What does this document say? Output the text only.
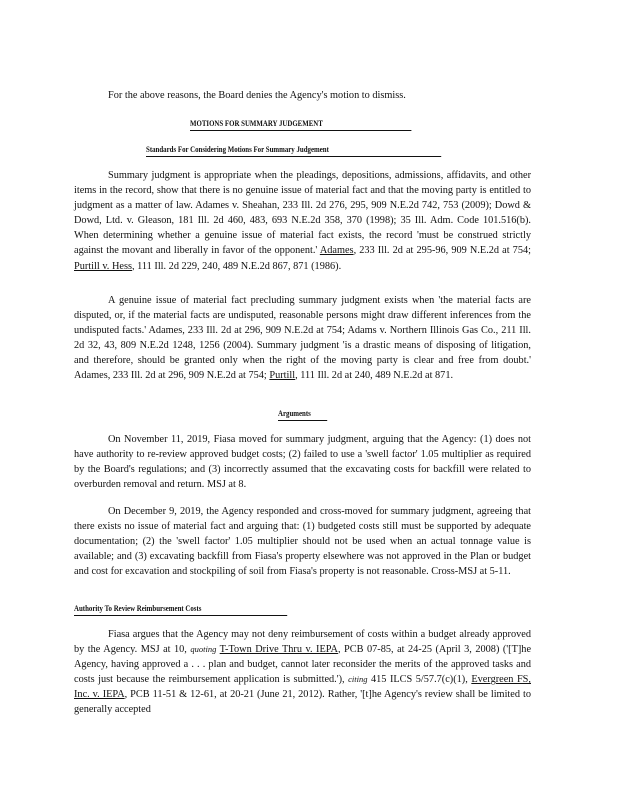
For the above reasons, the Board denies the Agency's motion to dismiss.

MOTIONS FOR SUMMARY JUDGEMENT
Standards For Considering Motions For Summary Judgement

Summary judgment is appropriate when the pleadings, depositions, admissions, affidavits, and other items in the record, show that there is no genuine issue of material fact and that the moving party is entitled to judgment as a matter of law. Adames v. Sheahan, 233 Ill. 2d 276, 295, 909 N.E.2d 742, 753 (2009); Dowd & Dowd, Ltd. v. Gleason, 181 Ill. 2d 460, 483, 693 N.E.2d 358, 370 (1998); 35 Ill. Adm. Code 101.516(b). When determining whether a genuine issue of material fact exists, the record 'must be construed strictly against the movant and liberally in favor of the opponent.' Adames, 233 Ill. 2d at 295-96, 909 N.E.2d at 754; Purtill v. Hess, 111 Ill. 2d 229, 240, 489 N.E.2d 867, 871 (1986).

A genuine issue of material fact precluding summary judgment exists when 'the material facts are disputed, or, if the material facts are undisputed, reasonable persons might draw different inferences from the undisputed facts.' Adames, 233 Ill. 2d at 296, 909 N.E.2d at 754; Adams v. Northern Illinois Gas Co., 211 Ill. 2d 32, 43, 809 N.E.2d 1248, 1256 (2004). Summary judgment 'is a drastic means of disposing of litigation, and therefore, should be granted only when the right of the moving party is clear and free from doubt.' Adames, 233 Ill. 2d at 296, 909 N.E.2d at 754; Purtill, 111 Ill. 2d at 240, 489 N.E.2d at 871.

Arguments

On November 11, 2019, Fiasa moved for summary judgment, arguing that the Agency: (1) does not have authority to re-review approved budget costs; (2) failed to use a 'swell factor' 1.05 multiplier as required by the Board's regulations; and (3) incorrectly assumed that the excavating costs for backfill were related to overburden removal and return. MSJ at 8.

On December 9, 2019, the Agency responded and cross-moved for summary judgment, agreeing that there exists no issue of material fact and arguing that: (1) budgeted costs still must be supported by adequate documentation; (2) the 'swell factor' 1.05 multiplier should not be used when an actual tonnage value is available; and (3) excavating backfill from Fiasa's property elsewhere was not approved in the Plan or budget and cost for excavation and stockpiling of soil from Fiasa's property is not reasonable. Cross-MSJ at 5-11.

Authority To Review Reimbursement Costs

Fiasa argues that the Agency may not deny reimbursement of costs within a budget already approved by the Agency. MSJ at 10, quoting T-Town Drive Thru v. IEPA, PCB 07-85, at 24-25 (April 3, 2008) ('[T]he Agency, having approved a . . . plan and budget, cannot later reconsider the merits of the approved tasks and costs just because the reimbursement application is submitted.'), citing 415 ILCS 5/57.7(c)(1), Evergreen FS, Inc. v. IEPA, PCB 11-51 & 12-61, at 20-21 (June 21, 2012). Rather, '[t]he Agency's review shall be limited to generally accepted
